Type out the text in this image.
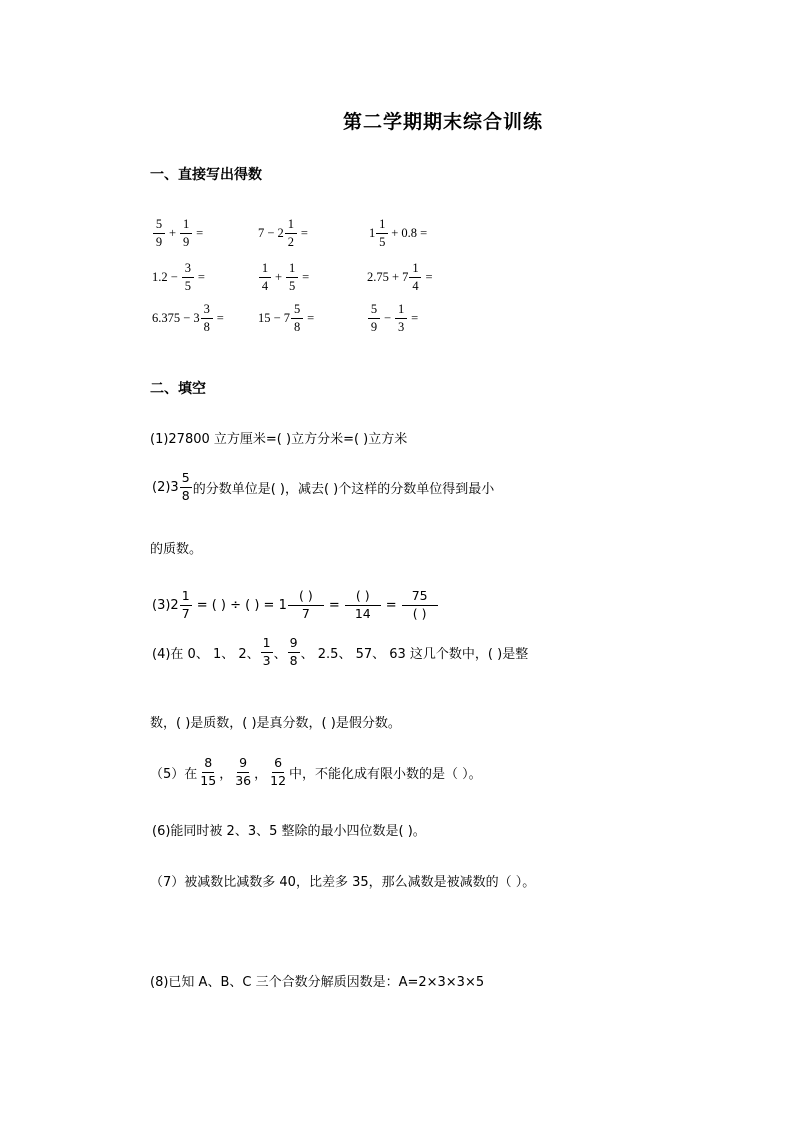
第二学期期末综合训练
一、直接写出得数
$\frac{5}{9} + \frac{1}{9}$ =	$7 - 2 \frac{1}{2}$ =	$1 \frac{1}{5} + 0.8$ =
$1.2 - \frac{3}{5}$ =	$\frac{1}{4} + \frac{1}{5}$ =	$2.75 + 7 \frac{1}{4}$ =
$6.375 - 3 \frac{3}{8}$ =	$15 - 7 \frac{5}{8}$ =	$\frac{5}{9} - \frac{1}{3}$ =
二、填空
(1)27800 立方厘米=( )立方分米=( )立方米
$(2)3 \frac{5}{8}$ 的分数单位是( )，减去( )个这样的分数单位得到最小
的质数。
$(3)2 \frac{1}{7}$ = ( ) ÷ ( ) = $1 \frac{( )}{7} = \frac{( )}{14} = \frac{75}{( )}$
(4)在 0、 1、 2、 $\frac{1}{3}$ 、 $\frac{9}{8}$ 、 2.5、 57、 63 这几个数中，( )是整
数，( )是质数，( )是真分数，( )是假分数。
（5）在 $\frac{8}{15}$ ， $\frac{9}{36}$ ， $\frac{6}{12}$ 中，不能化成有限小数的是（ ）。
(6)能同时被 2、3、5 整除的最小四位数是( )。
（7）被减数比减数多 40，比差多 35，那么减数是被减数的（ ）。
(8)已知 A、B、C 三个合数分解质因数是：A=2×3×3×5
